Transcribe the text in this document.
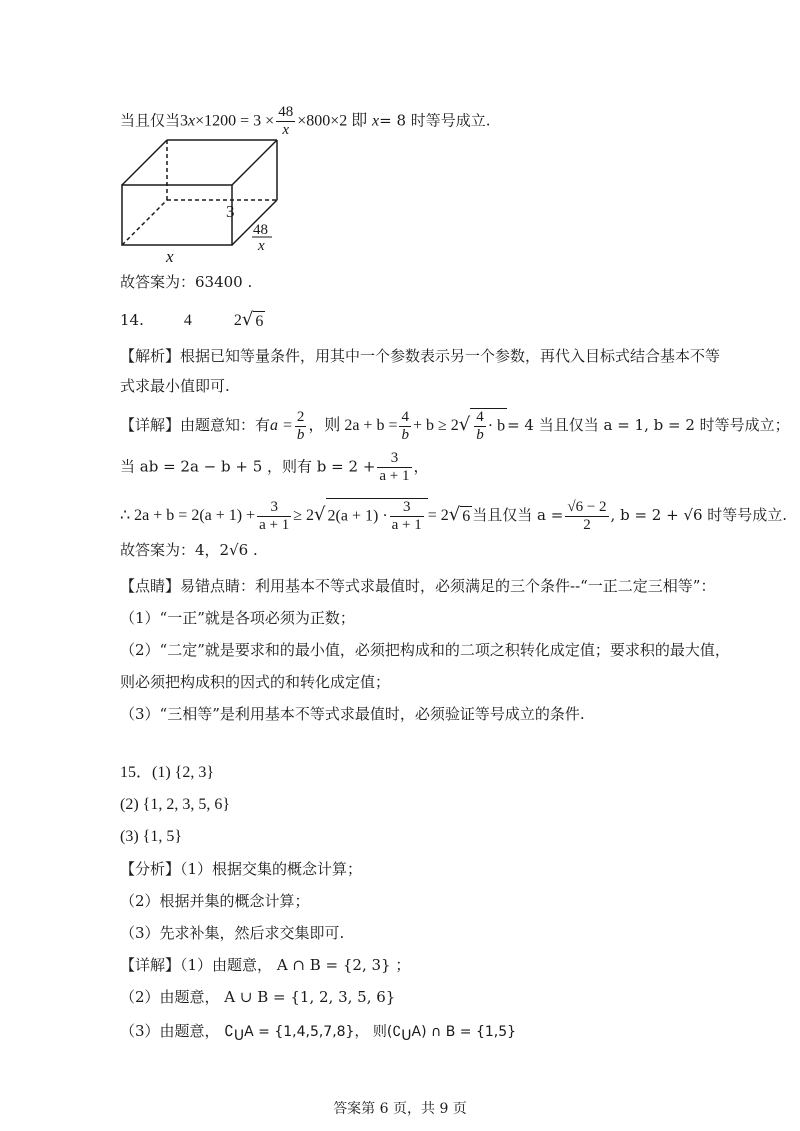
当且仅当$3x\times 1200 = 3 \times \frac{48}{x} \times 800\times 2$ 即 x= 8 时等号成立.
3
48
x
x
故答案为：63400 .
14.	4	2√ 6
【解析】根据已知等量条件，用其中一个参数表示另一个参数，再代入目标式结合基本不等
式求最小值即可.
【详解】由题意知：有$a = \frac{2}{b}$ ，则 $2a + b = \frac{4}{b} + b \ge 2√ \frac{4}{b} \cdot b = 4$ 当且仅当 a = 1, b = 2 时等号成立；
当 ab = 2a − b + 5 ，则有 $b = 2 + \frac{3}{a + 1}$ ，
∴ $2a + b = 2(a + 1) + \frac{3}{a + 1} \ge 2√$ $2(a + 1) \cdot \frac{3}{a + 1} = 2√$ 6 当且仅当 $a = \frac{√6 - 2}{2}$ , b = 2 + √6 时等号成立.
故答案为：4，2√6 .
【点睛】易错点睛：利用基本不等式求最值时，必须满足的三个条件--“一正二定三相等”：
（1）“一正”就是各项必须为正数；
（2）“二定”就是要求和的最小值，必须把构成和的二项之积转化成定值；要求积的最大值，
则必须把构成积的因式的和转化成定值；
（3）“三相等”是利用基本不等式求最值时，必须验证等号成立的条件.
15．(1) {2, 3}
(2) {1, 2, 3, 5, 6}
(3) {1, 5}
【分析】（1）根据交集的概念计算；
（2）根据并集的概念计算；
（3）先求补集，然后求交集即可.
【详解】（1）由题意， A ∩ B = {2, 3} ；
（2）由题意， A ∪ B = {1, 2, 3, 5, 6}
（3）由题意， $∁_UA = \{1,4,5,7,8\}$， 则$(∁_UA)$ ∩ B = {1,5}
答案第 6 页，共 9 页
